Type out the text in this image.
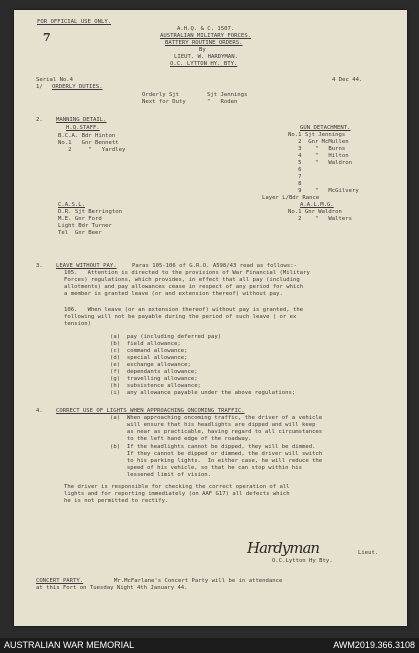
FOR OFFICIAL USE ONLY.
7
A.H.Q. & C. 1507.
AUSTRALIAN MILITARY FORCES.
BATTERY ROUTINE ORDERS.
By
LIEUT. W. HARDYMAN.
O.C. LYTTON HY. BTY.
Serial No.4	4 Dec 44.
1/ ORDERLY DUTIES.
Orderly Sjt	Sjt Jennings
Next for Duty	"   Roden
2. MANNING DETAIL.
H.Q.STAFF.
B.C.A. Bdr Hinton
No.1   Gnr Bennett
2     "   Yardley
GUN DETACHMENT.
No.1 Sjt Jennings
2  Gnr McMullen
3    "   Burns
4    "   Hilton
5    "   Waldron
6
7
8
9    "   McGilvery
Layer L/Bdr Rance
C.A.S.L.
D.R. Sjt Berrington
M.E. Gnr Ford
Light Bdr Turner
Tel  Gnr Beer
A.A.L.M.G.
No.1 Gnr Waldron
2    "   Walters
3. LEAVE WITHOUT PAY.	Paras 105-106 of G.R.O. A598/43 read as follows:-
105.   Attention is directed to the provisions of War Financial (Military
Forces) regulations, which provides, in effect that all pay (including
allotments) and pay allowances cease in respect of any period for which
a member is granted leave (or and extension thereof) without pay.
106.   When leave (or an extension thereof) without pay is granted, the
following will not be payable during the period of such leave ( or ex
tension)
(a)  pay (including deferred pay)
(b)  field allowance;
(c)  command allowance;
(d)  special allowance;
(e)  exchange allowance;
(f)  dependants allowance;
(g)  travelling allowance;
(h)  subsistence allowance;
(i)  any allowance payable under the above regulations;
4. CORRECT USE OF LIGHTS WHEN APPROACHING ONCOMING TRAFFIC.
(a)  When approaching oncoming traffic, the driver of a vehicle
will ensure that his headlights are dipped and will keep
as near as practicable, having regard to all circumstances
to the left hand edge of the roadway.
(b)  If the headlights cannot be dipped, they will be dimmed.
If they cannot be dipped or dimmed, the driver will switch
to his parking lights.  In either case, he will reduce the
speed of his vehicle, so that he can stop within his
lessened limit of vision.
The driver is responsible for checking the correct operation of all
lights and for reporting immediately (on AAF G17) all defects which
he is not permitted to rectify.
Hardyman	Lieut.
O.C.Lytton Hy Bty.
CONCERT PARTY.	Mr.McFarlane's Concert Party will be in attendance
at this Fort on Tuesday Night 4th January 44.
AUSTRALIAN WAR MEMORIAL	AWM2019.366.3108
